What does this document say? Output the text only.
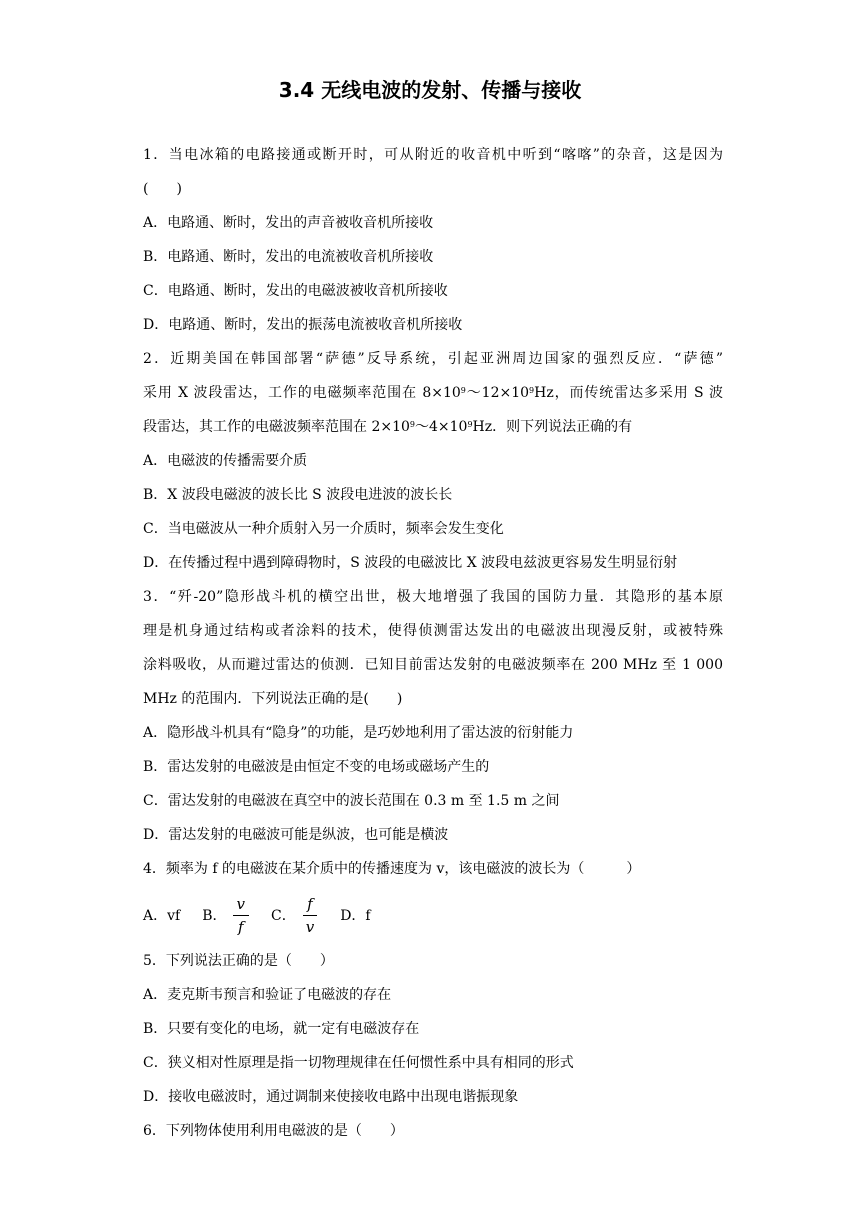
3.4 无线电波的发射、传播与接收
1．当电冰箱的电路接通或断开时，可从附近的收音机中听到“喀喀”的杂音，这是因为
(　　)
A．电路通、断时，发出的声音被收音机所接收
B．电路通、断时，发出的电流被收音机所接收
C．电路通、断时，发出的电磁波被收音机所接收
D．电路通、断时，发出的振荡电流被收音机所接收
2．近期美国在韩国部署“萨德”反导系统，引起亚洲周边国家的强烈反应．“萨德”
采用 X 波段雷达，工作的电磁频率范围在 $8\times 10^9\sim 12\times 10^9Hz$，而传统雷达多采用 S 波
段雷达，其工作的电磁波频率范围在 $2\times 10^9\sim 4\times 10^9Hz$．则下列说法正确的有
A．电磁波的传播需要介质
B．X 波段电磁波的波长比 S 波段电进波的波长长
C．当电磁波从一种介质射入另一介质时，频率会发生变化
D．在传播过程中遇到障碍物时，S 波段的电磁波比 X 波段电兹波更容易发生明显衍射
3．“歼-20”隐形战斗机的横空出世，极大地增强了我国的国防力量．其隐形的基本原
理是机身通过结构或者涂料的技术，使得侦测雷达发出的电磁波出现漫反射，或被特殊
涂料吸收，从而避过雷达的侦测．已知目前雷达发射的电磁波频率在 200 MHz 至 1 000
MHz 的范围内．下列说法正确的是(　　)
A．隐形战斗机具有“隐身”的功能，是巧妙地利用了雷达波的衍射能力
B．雷达发射的电磁波是由恒定不变的电场或磁场产生的
C．雷达发射的电磁波在真空中的波长范围在 0.3 m 至 1.5 m 之间
D．雷达发射的电磁波可能是纵波，也可能是横波
4．频率为 f 的电磁波在某介质中的传播速度为 v，该电磁波的波长为（　　　）
A．vf B． $\frac{v}{f}$ C． $\frac{f}{v}$ D．f
5．下列说法正确的是（　　）
A．麦克斯韦预言和验证了电磁波的存在
B．只要有变化的电场，就一定有电磁波存在
C．狭义相对性原理是指一切物理规律在任何惯性系中具有相同的形式
D．接收电磁波时，通过调制来使接收电路中出现电谐振现象
6．下列物体使用利用电磁波的是（　　）
